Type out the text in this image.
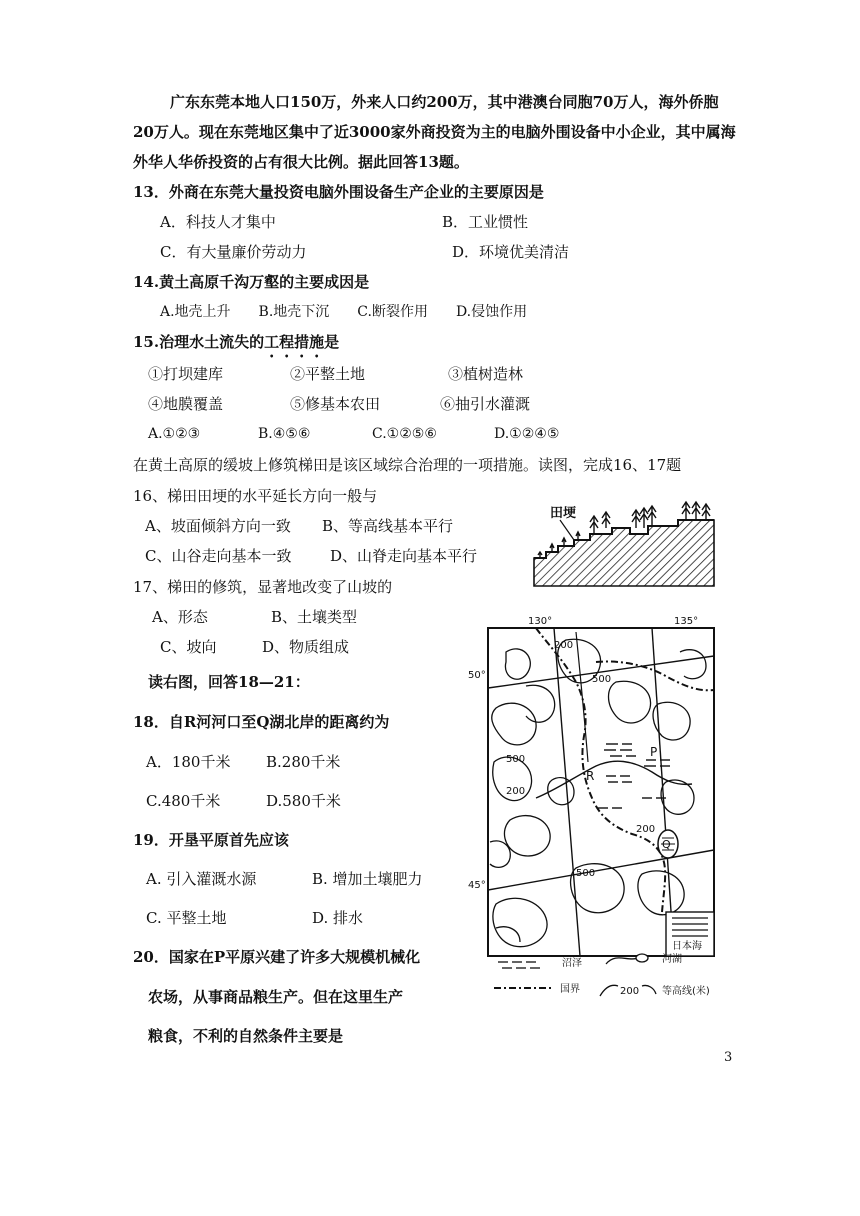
广东东莞本地人口150万，外来人口约200万，其中港澳台同胞70万人，海外侨胞
20万人。现在东莞地区集中了近3000家外商投资为主的电脑外围设备中小企业，其中属海
外华人华侨投资的占有很大比例。据此回答13题。
13．外商在东莞大量投资电脑外围设备生产企业的主要原因是
A．科技人才集中	B．工业惯性
C．有大量廉价劳动力	D．环境优美清洁
14.黄土高原千沟万壑的主要成因是
A.地壳上升　　B.地壳下沉　　C.断裂作用　　D.侵蚀作用
15.治理水土流失的工程措施是
①打坝建库	②平整土地	③植树造林
④地膜覆盖	⑤修基本农田	⑥抽引水灌溉
A.①②③	B.④⑤⑥	C.①②⑤⑥	D.①②④⑤
在黄土高原的缓坡上修筑梯田是该区域综合治理的一项措施。读图，完成16、17题
16、梯田田埂的水平延长方向一般与
A、坡面倾斜方向一致 B、等高线基本平行
C、山谷走向基本一致	D、山脊走向基本平行
17、梯田的修筑，显著地改变了山坡的
A、形态	B、土壤类型
C、坡向	D、物质组成
读右图，回答18—21：
18．自R河河口至Q湖北岸的距离约为
A．180千米 B.280千米
C.480千米	D.580千米
19．开垦平原首先应该
A. 引入灌溉水源	B. 增加土壤肥力
C. 平整土地	D. 排水
20．国家在P平原兴建了许多大规模机械化
农场，从事商品粮生产。但在这里生产
粮食，不利的自然条件主要是
田埂
130°	135°
50°
45°
200
500
500
200
200
500
P
R
Q
日本海
沼泽	河湖
国界	200 等高线(米)
3
